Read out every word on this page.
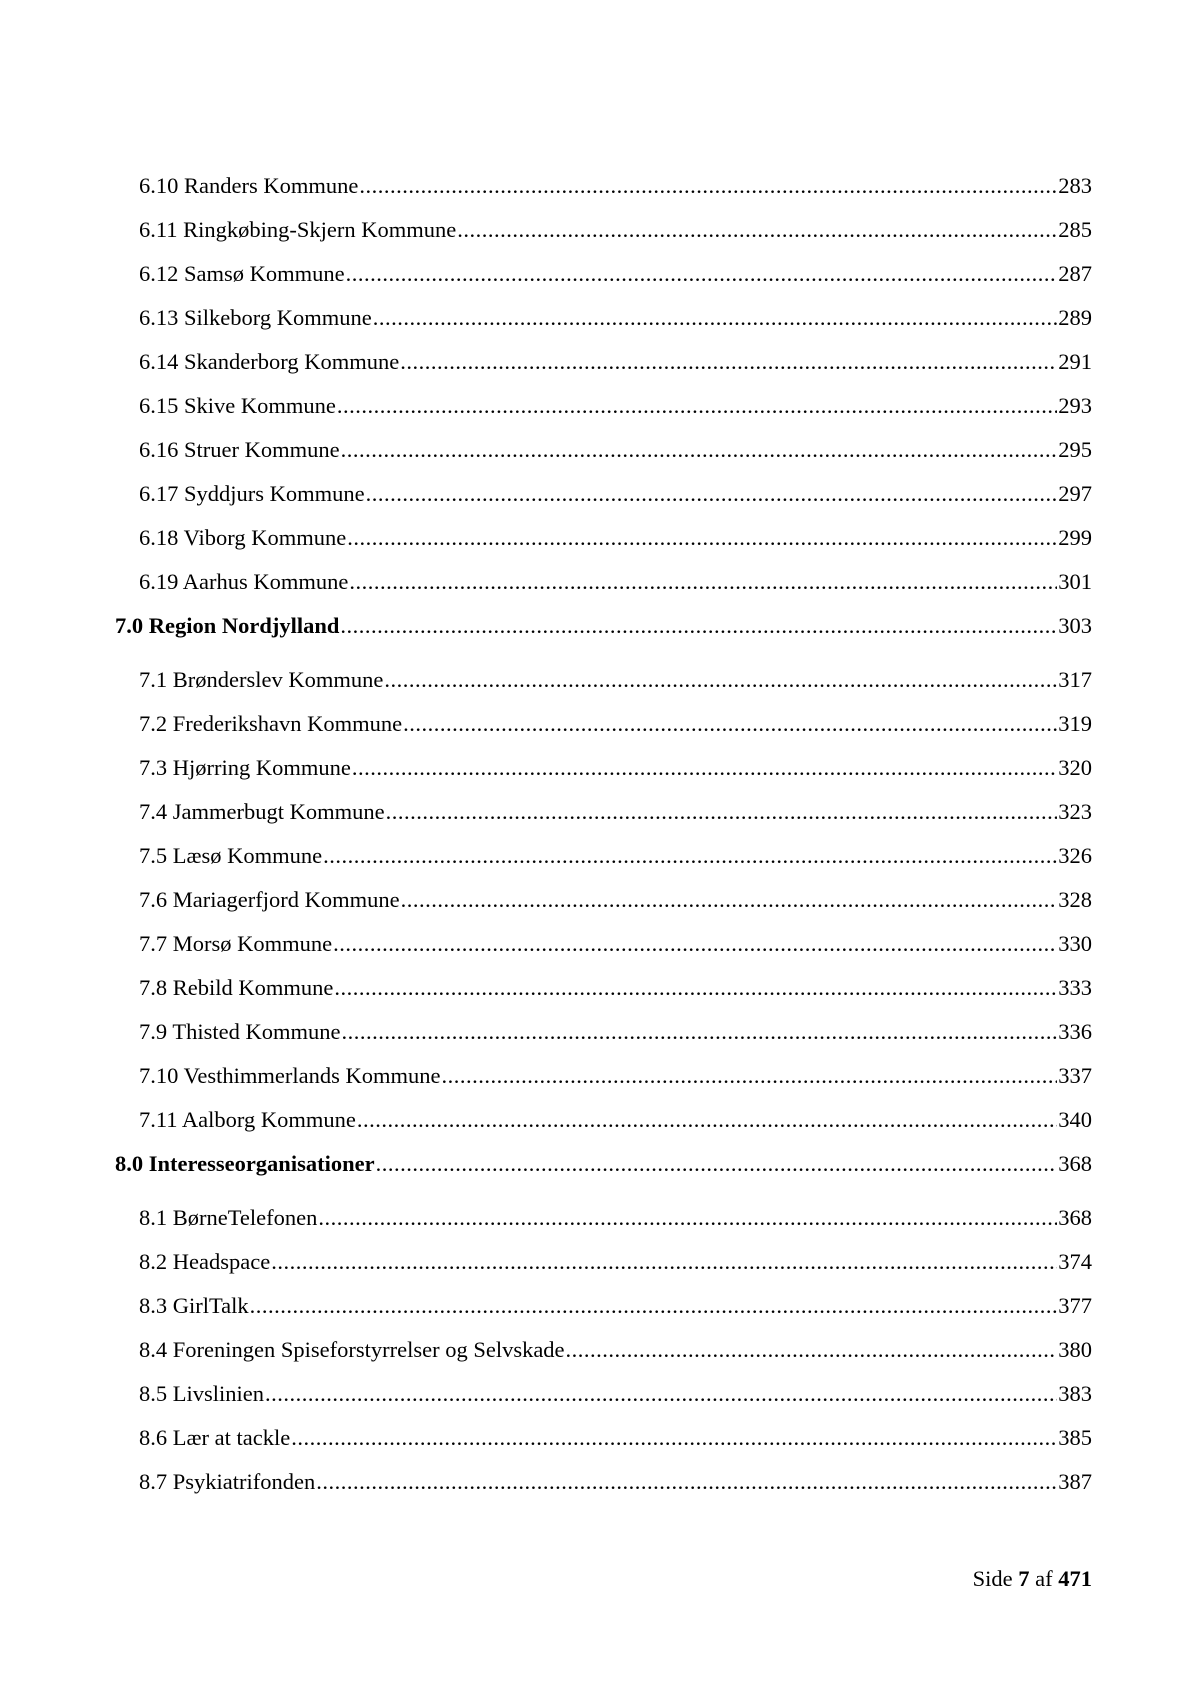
6.10 Randers Kommune .....	283
6.11 Ringkøbing-Skjern Kommune .....	285
6.12 Samsø Kommune .....	287
6.13 Silkeborg Kommune .....	289
6.14 Skanderborg Kommune .....	291
6.15 Skive Kommune .....	293
6.16 Struer Kommune .....	295
6.17 Syddjurs Kommune .....	297
6.18 Viborg Kommune .....	299
6.19 Aarhus Kommune .....	301
7.0 Region Nordjylland .....	303
7.1 Brønderslev Kommune .....	317
7.2 Frederikshavn Kommune .....	319
7.3 Hjørring Kommune .....	320
7.4 Jammerbugt Kommune .....	323
7.5 Læsø Kommune .....	326
7.6 Mariagerfjord Kommune .....	328
7.7 Morsø Kommune .....	330
7.8 Rebild Kommune .....	333
7.9 Thisted Kommune .....	336
7.10 Vesthimmerlands Kommune .....	337
7.11 Aalborg Kommune .....	340
8.0 Interesseorganisationer .....	368
8.1 BørneTelefonen .....	368
8.2 Headspace .....	374
8.3 GirlTalk .....	377
8.4 Foreningen Spiseforstyrrelser og Selvskade .....	380
8.5 Livslinien .....	383
8.6 Lær at tackle .....	385
8.7 Psykiatrifonden .....	387
Side 7 af 471
